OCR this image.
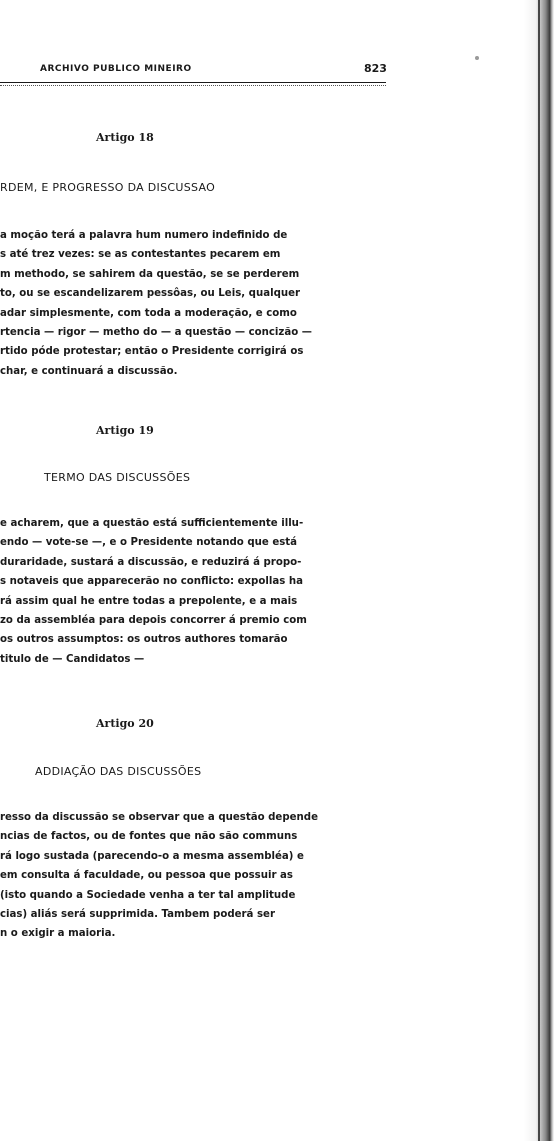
ARCHIVO PUBLICO MINEIRO	823
Artigo 18
RDEM, E PROGRESSO DA DISCUSSAO
a moção terá a palavra hum numero indefinido de
s até trez vezes: se as contestantes pecarem em
m methodo, se sahirem da questão, se se perderem
to, ou se escandelizarem pessôas, ou Leis, qualquer
adar simplesmente, com toda a moderação, e como
rtencia — rigor — metho do — a questão — concizão —
rtido póde protestar; então o Presidente corrigirá os
char, e continuará a discussão.
Artigo 19
TERMO DAS DISCUSSÕES
e acharem, que a questão está sufficientemente illu-
endo — vote-se —, e o Presidente notando que está
duraridade, sustará a discussão, e reduzirá á propo-
s notaveis que apparecerão no conflicto: expollas ha
rá assim qual he entre todas a prepolente, e a mais
zo da assembléa para depois concorrer á premio com
os outros assumptos: os outros authores tomarão
titulo de — Candidatos —
Artigo 20
ADDIAÇÃO DAS DISCUSSÕES
resso da discussão se observar que a questão depende
ncias de factos, ou de fontes que não são communs
rá logo sustada (parecendo-o a mesma assembléa) e
em consulta á faculdade, ou pessoa que possuir as
(isto quando a Sociedade venha a ter tal amplitude
cias) aliás será supprimida. Tambem poderá ser
n o exigir a maioria.
